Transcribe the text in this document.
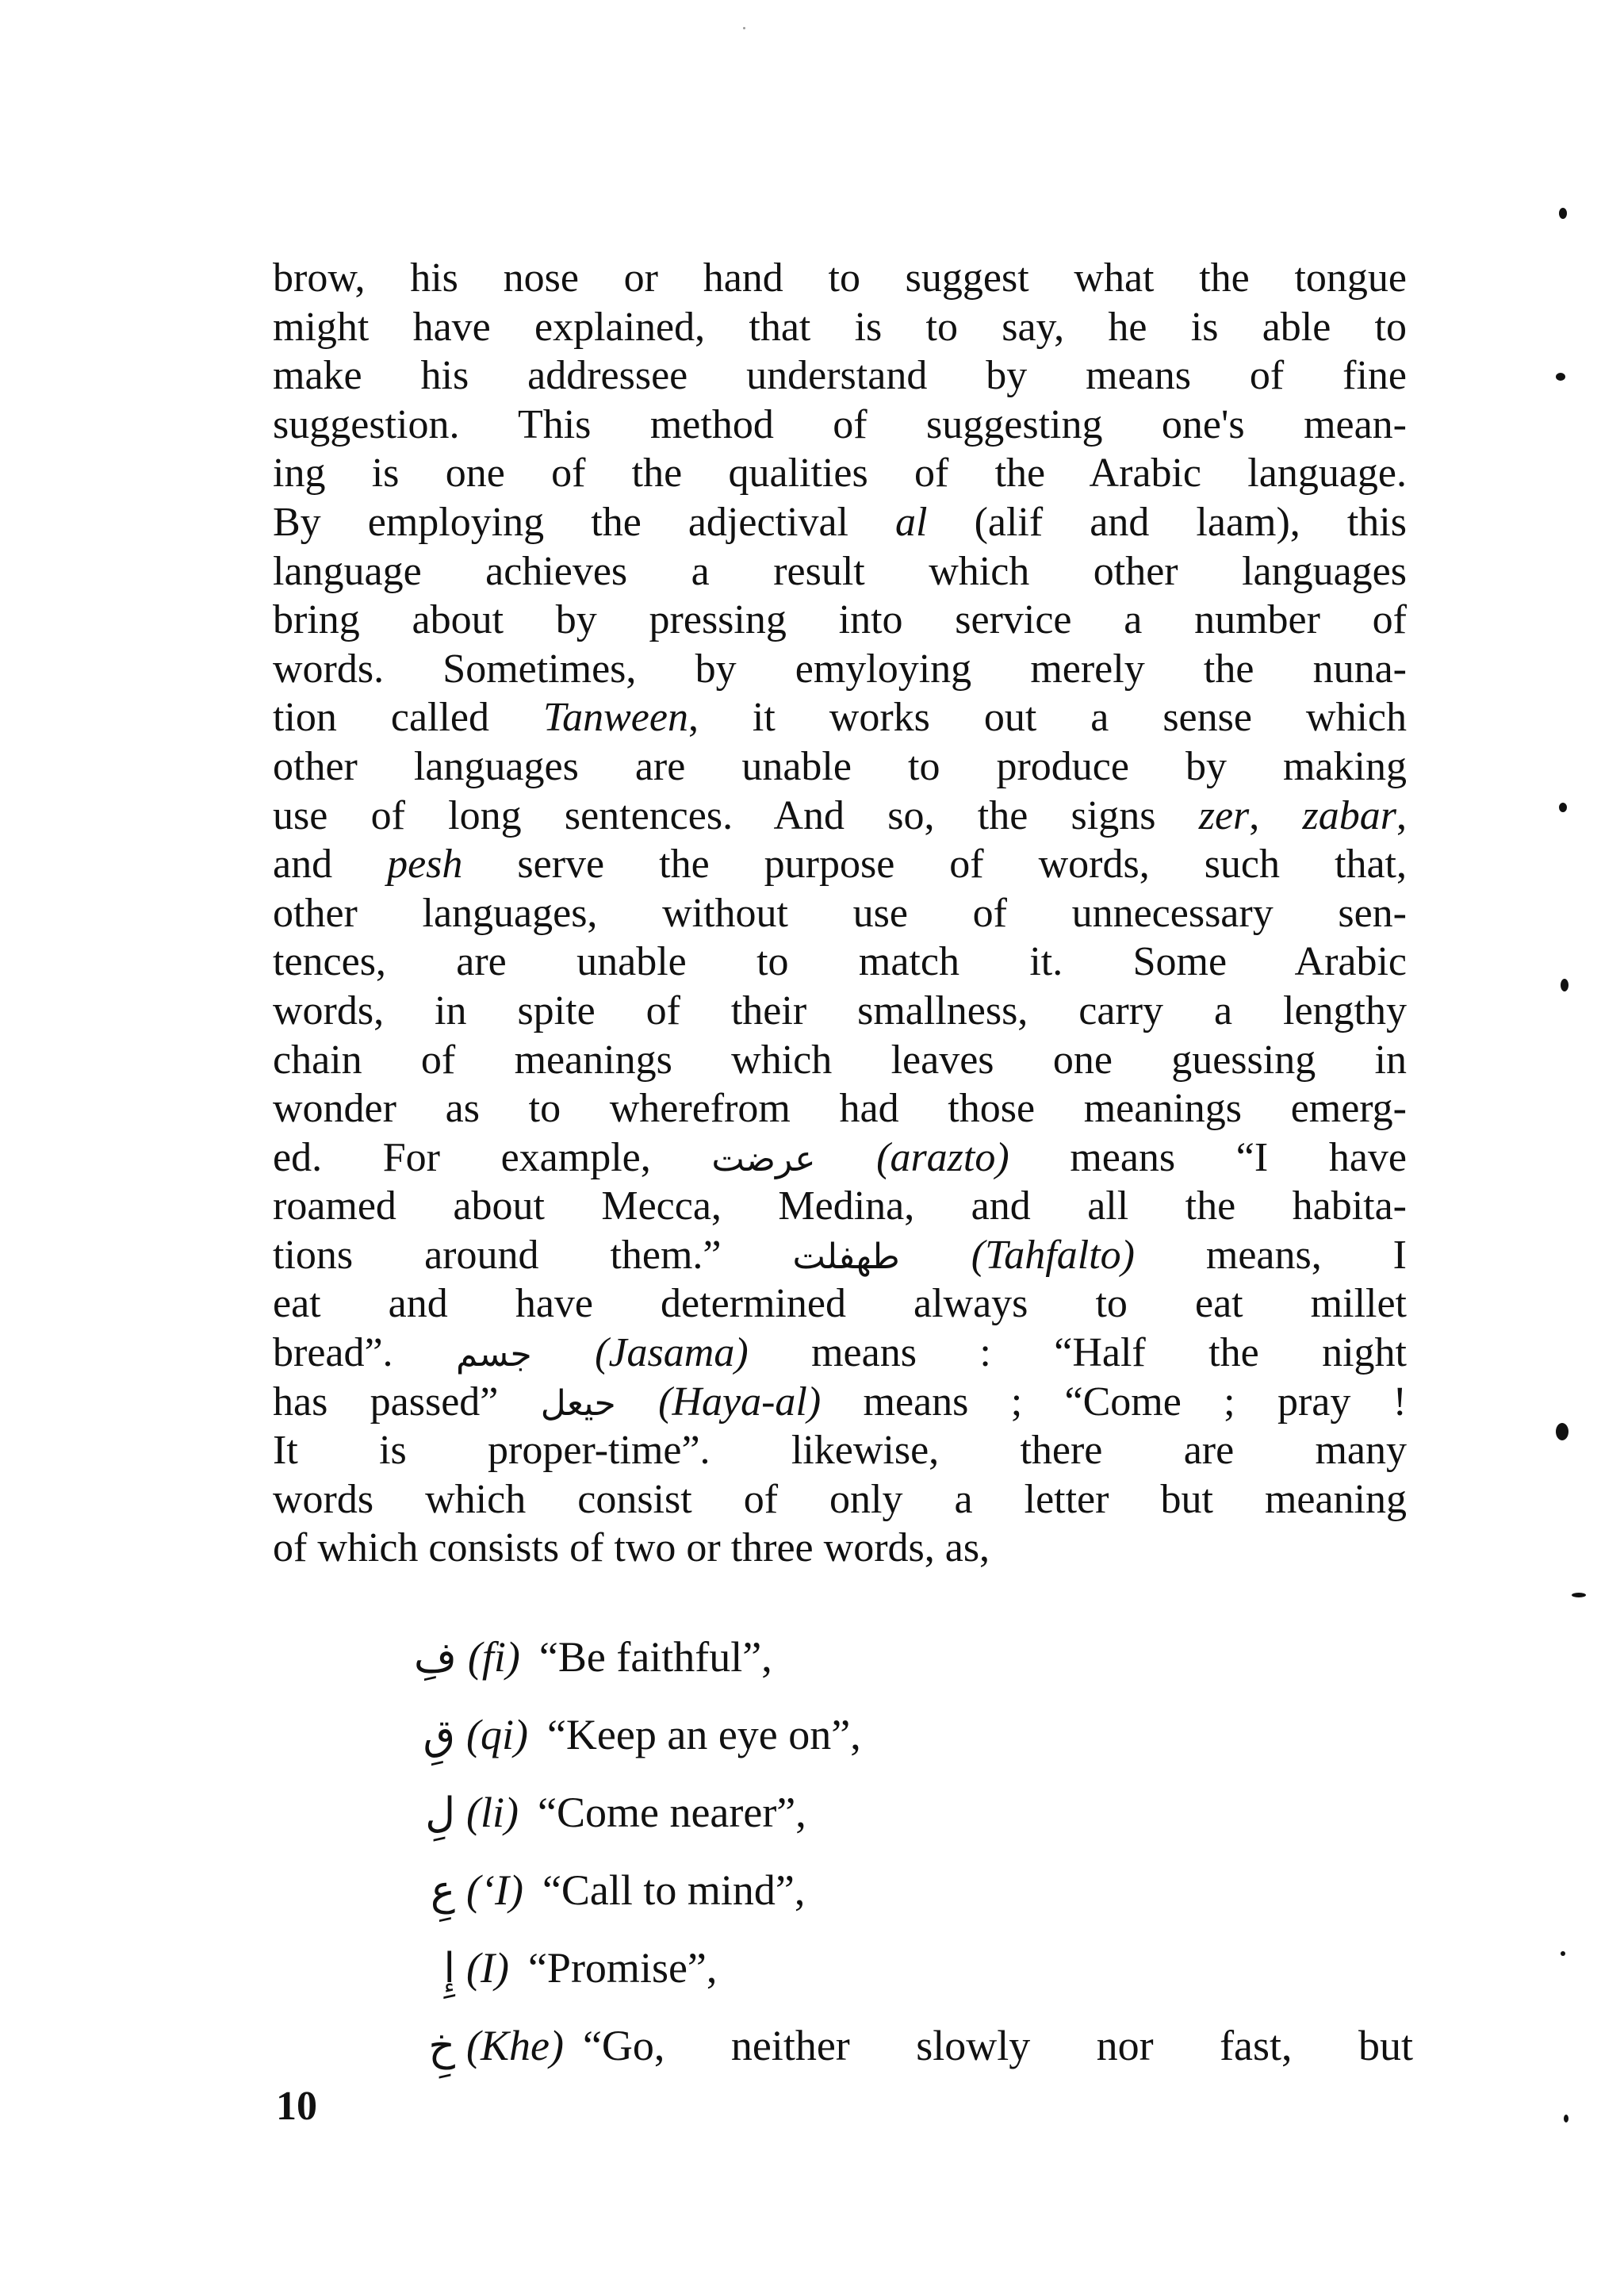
brow, his nose or hand to suggest what the tongue
might have explained, that is to say, he is able to
make his addressee understand by means of fine
suggestion. This method of suggesting one's mean-
ing is one of the qualities of the Arabic language.
By employing the adjectival al (alif and laam), this
language achieves a result which other languages
bring about by pressing into service a number of
words. Sometimes, by emyloying merely the nuna-
tion called Tanween, it works out a sense which
other languages are unable to produce by making
use of long sentences. And so, the signs zer, zabar,
and pesh serve the purpose of words, such that,
other languages, without use of unnecessary sen-
tences, are unable to match it. Some Arabic
words, in spite of their smallness, carry a lengthy
chain of meanings which leaves one guessing in
wonder as to wherefrom had those meanings emerg-
ed. For example, عرضت (arazto) means “I have
roamed about Mecca, Medina, and all the habita-
tions around them.” طهفلت (Tahfalto) means, I
eat and have determined always to eat millet
bread”. جسم (Jasama) means : “Half the night
has passed” حيعل (Haya-al) means ; “Come ; pray !
It is proper-time”. likewise, there are many
words which consist of only a letter but meaning
of which consists of two or three words, as,
فِ (fi) “Be faithful”,
قِ (qi) “Keep an eye on”,
لِ (li) “Come nearer”,
عِ (‘I) “Call to mind”,
إِ (I) “Promise”,
خِ (Khe) “Go, neither slowly nor fast, but
10
